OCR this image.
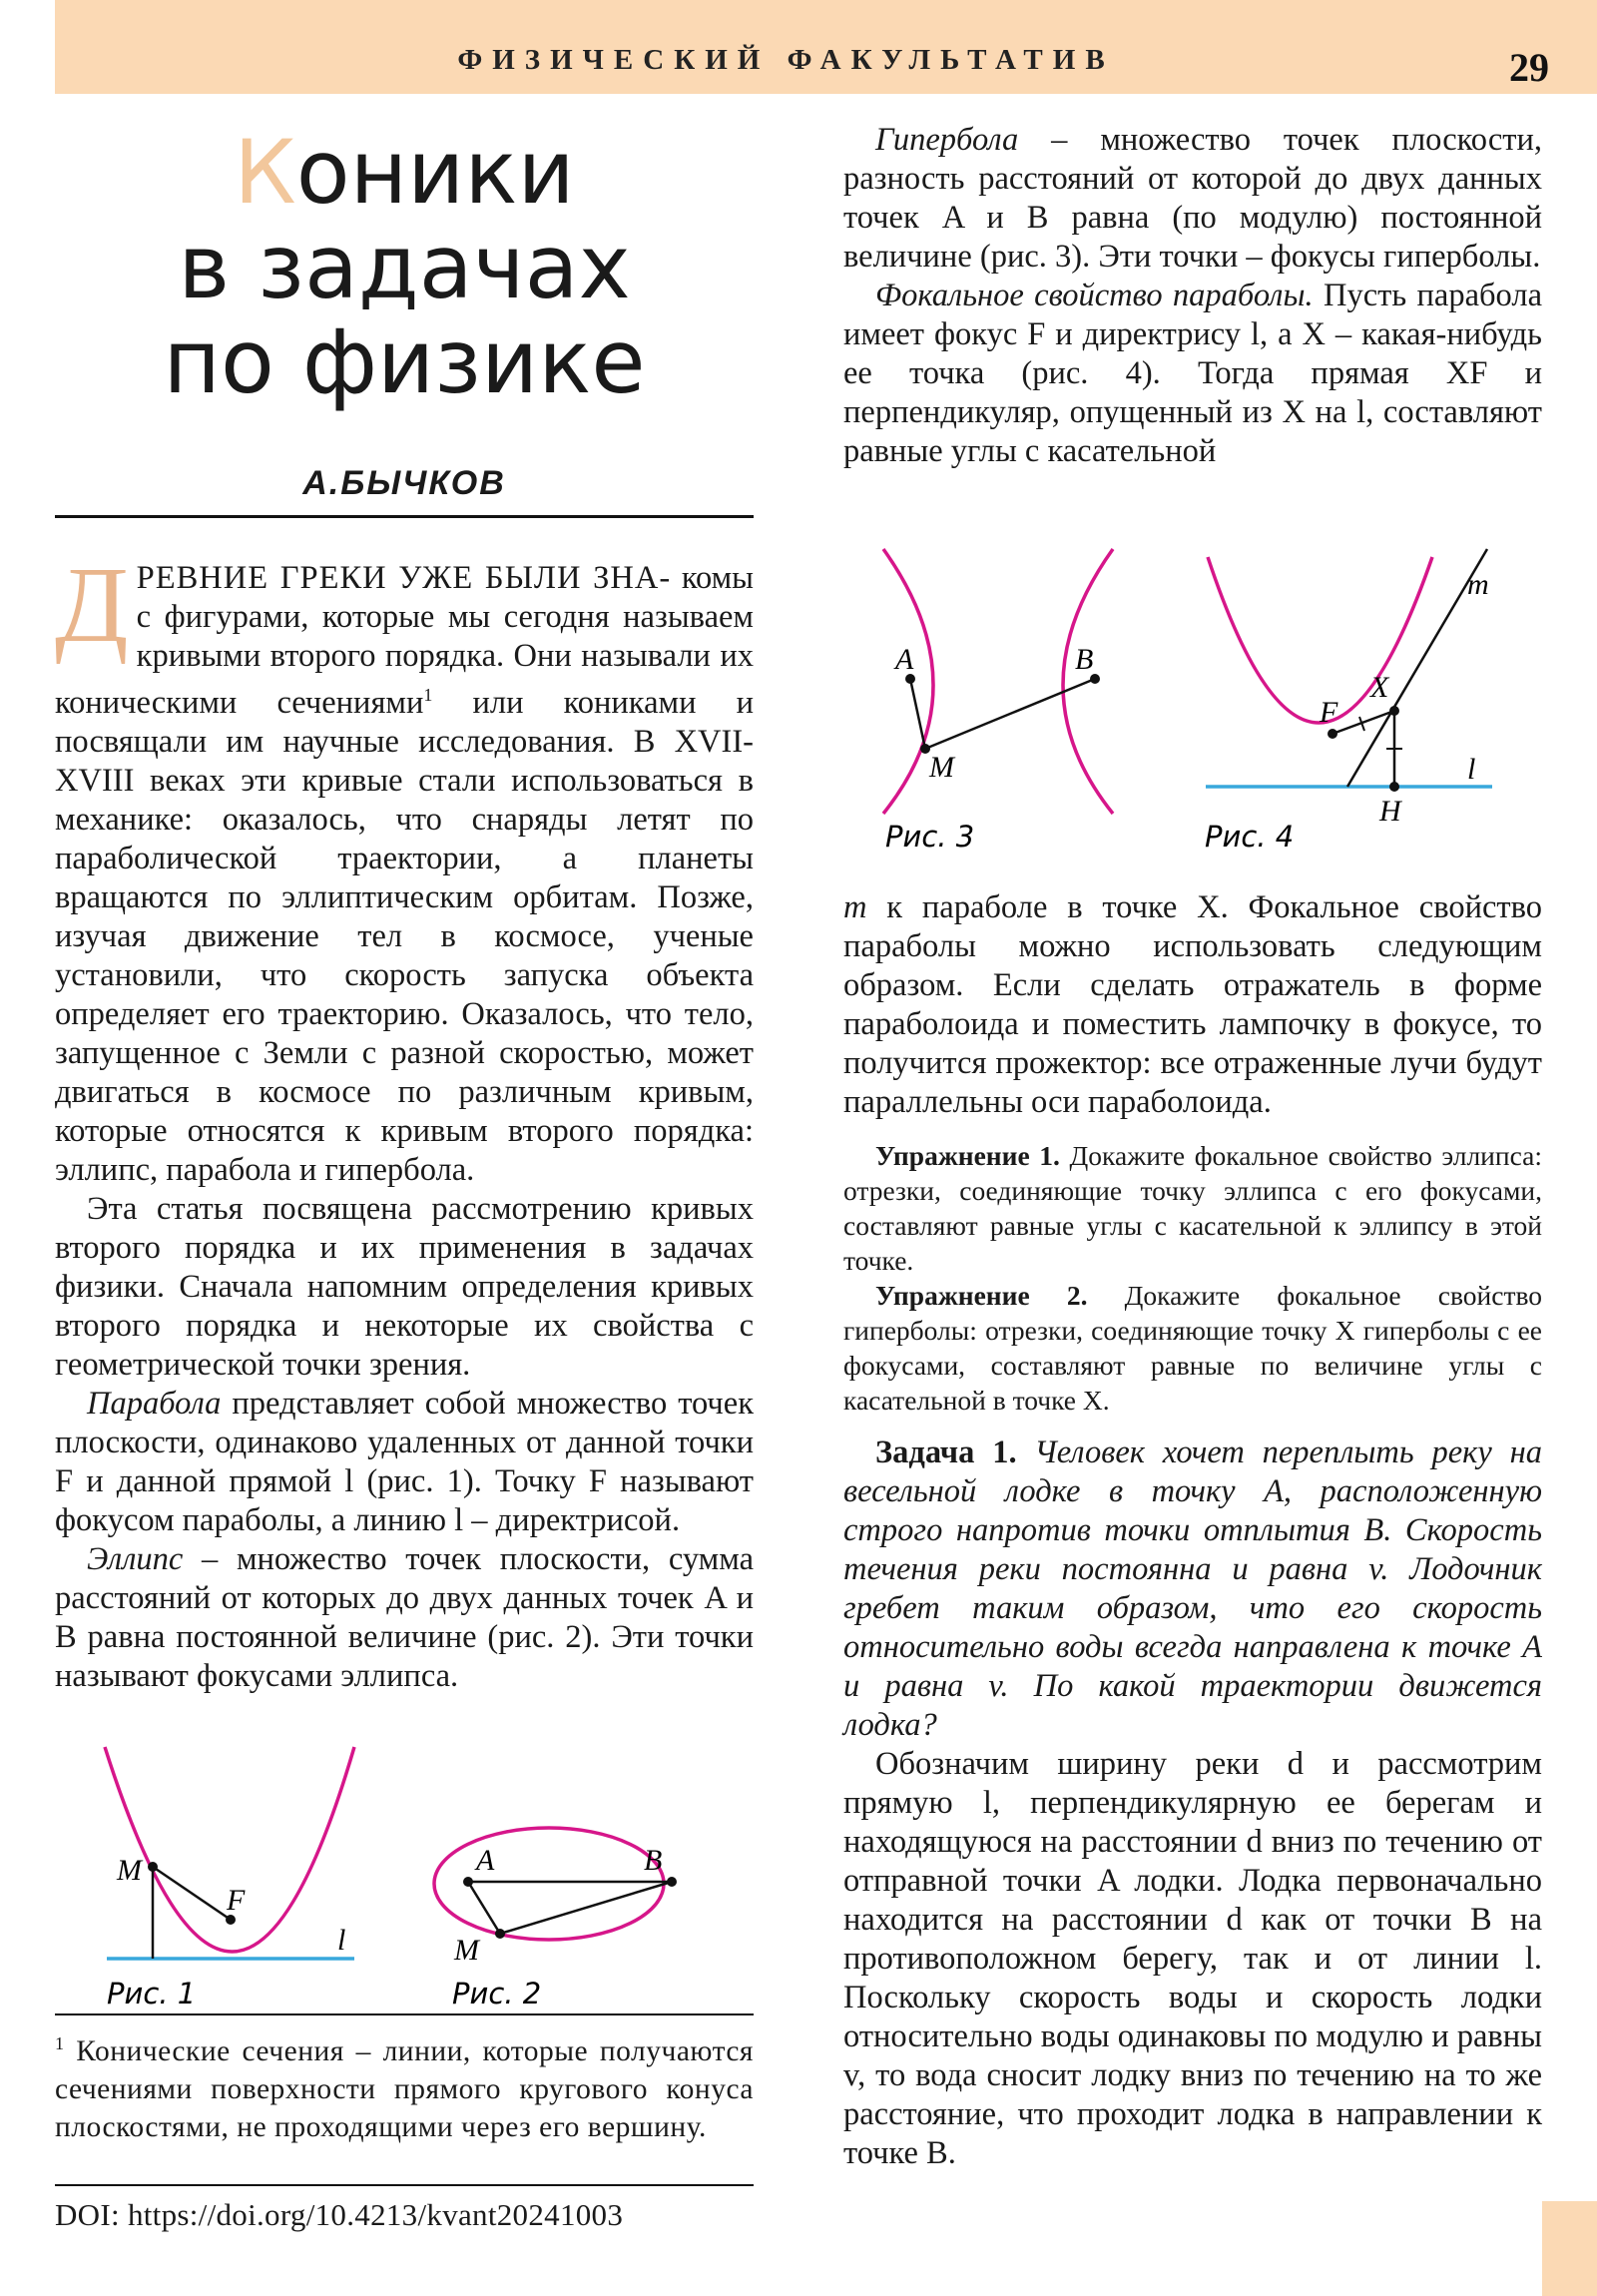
ФИЗИЧЕСКИЙ ФАКУЛЬТАТИВ	29
Коники
в задачах
по физике
А.БЫЧКОВ

ДРЕВНИЕ ГРЕКИ УЖЕ БЫЛИ ЗНА- комы с фигурами, которые мы сегодня называем кривыми второго порядка. Они называли их коническими сечениями$^1$ или кониками и посвящали им научные исследования. В XVII-XVIII веках эти кривые стали использоваться в механике: оказалось, что снаряды летят по параболической траектории, а планеты вращаются по эллиптическим орбитам. Позже, изучая движение тел в космосе, ученые установили, что скорость запуска объекта определяет его траекторию. Оказалось, что тело, запущенное с Земли с разной скоростью, может двигаться в космосе по различным кривым, которые относятся к кривым второго порядка: эллипс, парабола и гипербола.

Эта статья посвящена рассмотрению кривых второго порядка и их применения в задачах физики. Сначала напомним определения кривых второго порядка и некоторые их свойства с геометрической точки зрения.

Парабола представляет собой множество точек плоскости, одинаково удаленных от данной точки F и данной прямой l (рис. 1). Точку F называют фокусом параболы, а линию l – директрисой.

Эллипс – множество точек плоскости, сумма расстояний от которых до двух данных точек A и B равна постоянной величине (рис. 2). Эти точки называют фокусами эллипса.

M
F
l
Рис. 1
A	B
M
Рис. 2
$^1$ Конические сечения – линии, которые получаются сечениями поверхности прямого кругового конуса плоскостями, не проходящими через его вершину.
DOI: https://doi.org/10.4213/kvant20241003

Гипербола – множество точек плоскости, разность расстояний от которой до двух данных точек A и B равна (по модулю) постоянной величине (рис. 3). Эти точки – фокусы гиперболы.

Фокальное свойство параболы. Пусть парабола имеет фокус F и директрису l, а X – какая-нибудь ее точка (рис. 4). Тогда прямая XF и перпендикуляр, опущенный из X на l, составляют равные углы с касательной

A	B
M
Рис. 3
m
X
F
l
H
Рис. 4

m к параболе в точке X. Фокальное свойство параболы можно использовать следующим образом. Если сделать отражатель в форме параболоида и поместить лампочку в фокусе, то получится прожектор: все отраженные лучи будут параллельны оси параболоида.

Упражнение 1. Докажите фокальное свойство эллипса: отрезки, соединяющие точку эллипса с его фокусами, составляют равные углы с касательной к эллипсу в этой точке.

Упражнение 2. Докажите фокальное свойство гиперболы: отрезки, соединяющие точку X гиперболы с ее фокусами, составляют равные по величине углы с касательной в точке X.

Задача 1. Человек хочет переплыть реку на весельной лодке в точку A, расположенную строго напротив точки отплытия B. Скорость течения реки постоянна и равна v. Лодочник гребет таким образом, что его скорость относительно воды всегда направлена к точке A и равна v. По какой траектории движется лодка?

Обозначим ширину реки d и рассмотрим прямую l, перпендикулярную ее берегам и находящуюся на расстоянии d вниз по течению от отправной точки A лодки. Лодка первоначально находится на расстоянии d как от точки B на противоположном берегу, так и от линии l. Поскольку скорость воды и скорость лодки относительно воды одинаковы по модулю и равны v, то вода сносит лодку вниз по течению на то же расстояние, что проходит лодка в направлении к точке B.
